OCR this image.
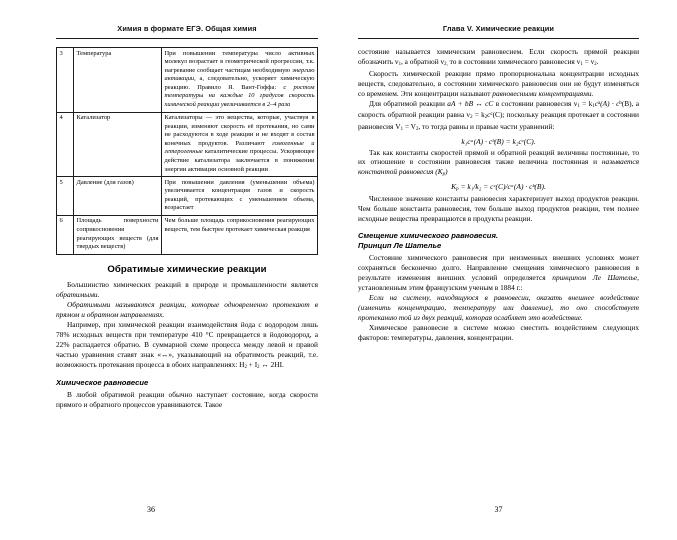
Химия в формате ЕГЭ. Общая химия
3	Температура	При повышении температуры число активных молекул возрастает в геометрической прогрессии, т.к. нагревание сообщает частицам необходимую энергию активации, а, следовательно, ускоряет химическую реакцию. Правило Я. Вант-Гоффа: с ростом температуры на каждые 10 градусов скорость химической реакции увеличивается в 2–4 раза
4	Катализатор	Катализаторы — это вещества, которые, участвуя в реакции, изменяют скорость её протекания, но сами не расходуются в ходе реакции и не входят в состав конечных продуктов. Различают гомогенные и гетерогенные каталитические процессы. Ускоряющее действие катализатора заключается в понижении энергии активации основной реакции
5	Давление (для газов)	При повышении давления (уменьшении объема) увеличивается концентрация газов и скорость реакций, протекающих с уменьшением объема, возрастает
6	Площадь поверхности соприкосновения реагирующих веществ (для твердых веществ)	Чем больше площадь соприкосновения реагирующих веществ, тем быстрее протекает химическая реакция
Обратимые химические реакции

Большинство химических реакций в природе и промышленности является обратимыми.

Обратимыми называются реакции, которые одновременно протекают в прямом и обратном направлениях.

Например, при химической реакции взаимодействия йода с водородом лишь 78% исходных веществ при температуре 410 °С превращается в йодоводород, а 22% распадается обратно. В суммарной схеме процесса между левой и правой частью уравнения ставят знак «↔», указывающий на обратимость реакций, т.е. возможность протекания процесса в обоих направлениях: $H_2 + I_2$ ↔ 2HI.

Химическое равновесие

В любой обратимой реакции обычно наступает состояние, когда скорости прямого и обратного процессов уравниваются. Такое

36
Глава V. Химические реакции

состояние называется химическим равновесием. Если скорость прямой реакции обозначить $v_1$, а обратной $v_{2,}$ то в состоянии химического равновесия $v_1 = v_2$.

Скорость химической реакции прямо пропорциональна концентрации исходных веществ, следовательно, в состоянии химического равновесия они не будут изменяться со временем. Эти концентрации называют равновесными концентрациями.

Для обратимой реакции aA + bB ↔ cC в состоянии равновесия $v_1 = k_1c^a(A) \cdot c^b(B)$, а скорость обратной реакции равна $v_2 = k_2c^c(C)$; поскольку реакция протекает в состоянии равновесия $V_1 = V_2$, то тогда равны и правые части уравнений:

k₁cᵃ(A) · cᵇ(B) = k₂cᶜ(C).

Так как константы скоростей прямой и обратной реакций величины постоянные, то их отношение в состоянии равновесия также величина постоянная и называется константой равновесия $(K_р)$

$K_р = k_1/k_2$ = cᶜ(C)/cᵃ(A) · cᵇ(B).

Численное значение константы равновесия характеризует выход продуктов реакции. Чем больше константа равновесия, тем больше выход продуктов реакции, тем полнее исходные вещества превращаются в продукты реакции.

Смещение химического равновесия.
Принцип Ле Шателье

Состояние химического равновесия при неизменных внешних условиях может сохраняться бесконечно долго. Направление смещения химического равновесия в результате изменения внешних условий определяется принципом Ле Шателье, установленным этим французским ученым в 1884 г.:

Если на систему, находящуюся в равновесии, оказать внешнее воздействие (изменить концентрацию, температуру или давление), то оно способствует протеканию той из двух реакций, которая ослабляет это воздействие.

Химическое равновесие в системе можно сместить воздействием следующих факторов: температуры, давления, концентрации.

37
